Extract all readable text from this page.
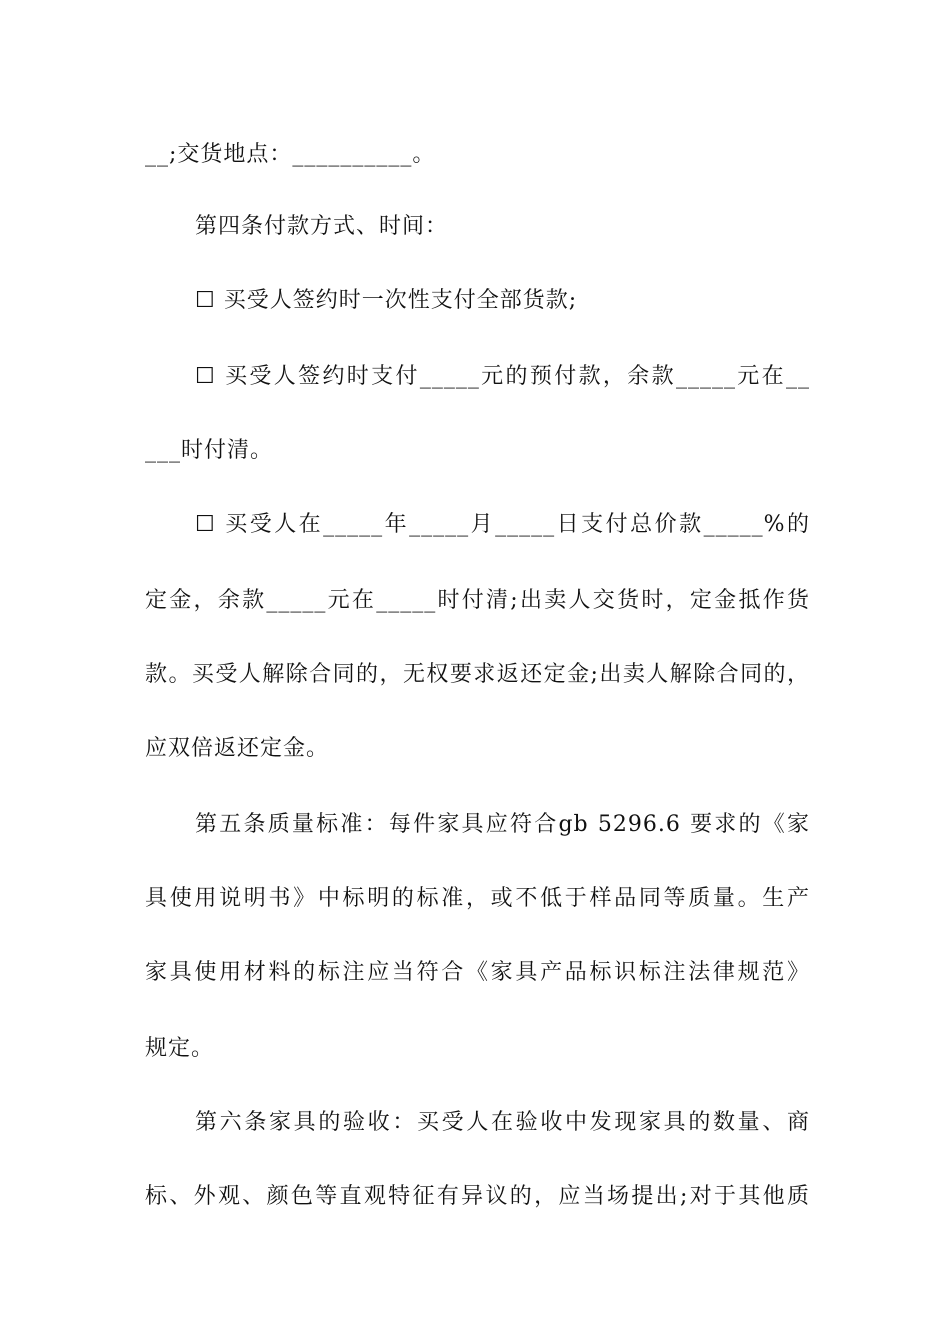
__;交货地点：__________。
第四条付款方式、时间：
☐ 买受人签约时一次性支付全部货款;
☐ 买受人签约时支付_____元的预付款，余款_____元在__
___时付清。
☐ 买受人在_____年_____月_____日支付总价款_____%的
定金，余款_____元在_____时付清;出卖人交货时，定金抵作货
款。买受人解除合同的，无权要求返还定金;出卖人解除合同的，
应双倍返还定金。
第五条质量标准：每件家具应符合gb 5296.6 要求的《家
具使用说明书》中标明的标准，或不低于样品同等质量。生产
家具使用材料的标注应当符合《家具产品标识标注法律规范》
规定。
第六条家具的验收：买受人在验收中发现家具的数量、商
标、外观、颜色等直观特征有异议的，应当场提出;对于其他质
